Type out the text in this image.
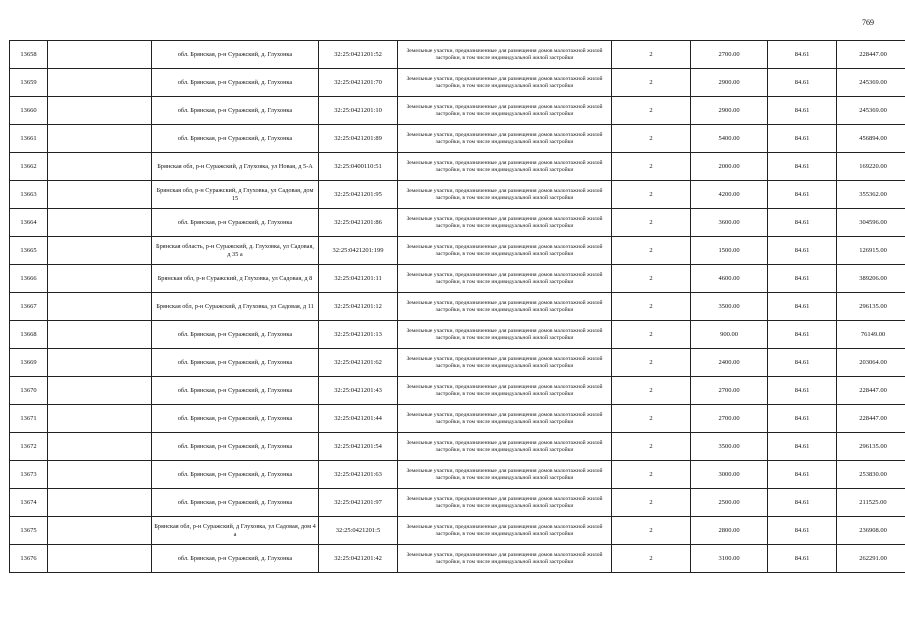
769
13658		обл. Брянская, р-н Суражский, д. Глухонка	32:25:0421201:52	Земельные участки, предназначенные для размещения домов малоэтажной жилой застройки, в том числе индивидуальной жилой застройки	2	2700.00	84.61	228447.00
13659		обл. Брянская, р-н Суражский, д. Глухонка	32:25:0421201:70	Земельные участки, предназначенные для размещения домов малоэтажной жилой застройки, в том числе индивидуальной жилой застройки	2	2900.00	84.61	245369.00
13660		обл. Брянская, р-н Суражский, д. Глухонка	32:25:0421201:10	Земельные участки, предназначенные для размещения домов малоэтажной жилой застройки, в том числе индивидуальной жилой застройки	2	2900.00	84.61	245369.00
13661		обл. Брянская, р-н Суражский, д. Глухонка	32:25:0421201:89	Земельные участки, предназначенные для размещения домов малоэтажной жилой застройки, в том числе индивидуальной жилой застройки	2	5400.00	84.61	456894.00
13662		Брянская обл, р-н Суражский, д Глуховка, ул Новая, д 5-А	32:25:0400110:51	Земельные участки, предназначенные для размещения домов малоэтажной жилой застройки, в том числе индивидуальной жилой застройки	2	2000.00	84.61	169220.00
13663		Брянская обл, р-н Суражский, д Глуховка, ул Садовая, дом 15	32:25:0421201:95	Земельные участки, предназначенные для размещения домов малоэтажной жилой застройки, в том числе индивидуальной жилой застройки	2	4200.00	84.61	355362.00
13664		обл. Брянская, р-н Суражский, д. Глухонка	32:25:0421201:86	Земельные участки, предназначенные для размещения домов малоэтажной жилой застройки, в том числе индивидуальной жилой застройки	2	3600.00	84.61	304596.00
13665		Брянская область, р-н Суражский, д. Глуховка, ул Садовая, д 35 а	32:25:0421201:199	Земельные участки, предназначенные для размещения домов малоэтажной жилой застройки, в том числе индивидуальной жилой застройки	2	1500.00	84.61	126915.00
13666		Брянская обл, р-н Суражский, д Глуховка, ул Садовая, д 8	32:25:0421201:11	Земельные участки, предназначенные для размещения домов малоэтажной жилой застройки, в том числе индивидуальной жилой застройки	2	4600.00	84.61	389206.00
13667		Брянская обл, р-н Суражский, д Глуховка, ул Садовая, д 11	32:25:0421201:12	Земельные участки, предназначенные для размещения домов малоэтажной жилой застройки, в том числе индивидуальной жилой застройки	2	3500.00	84.61	296135.00
13668		обл. Брянская, р-н Суражский, д. Глухонка	32:25:0421201:13	Земельные участки, предназначенные для размещения домов малоэтажной жилой застройки, в том числе индивидуальной жилой застройки	2	900.00	84.61	76149.00
13669		обл. Брянская, р-н Суражский, д. Глухонка	32:25:0421201:62	Земельные участки, предназначенные для размещения домов малоэтажной жилой застройки, в том числе индивидуальной жилой застройки	2	2400.00	84.61	203064.00
13670		обл. Брянская, р-н Суражский, д. Глухонка	32:25:0421201:43	Земельные участки, предназначенные для размещения домов малоэтажной жилой застройки, в том числе индивидуальной жилой застройки	2	2700.00	84.61	228447.00
13671		обл. Брянская, р-н Суражский, д. Глухонка	32:25:0421201:44	Земельные участки, предназначенные для размещения домов малоэтажной жилой застройки, в том числе индивидуальной жилой застройки	2	2700.00	84.61	228447.00
13672		обл. Брянская, р-н Суражский, д. Глухонка	32:25:0421201:54	Земельные участки, предназначенные для размещения домов малоэтажной жилой застройки, в том числе индивидуальной жилой застройки	2	3500.00	84.61	296135.00
13673		обл. Брянская, р-н Суражский, д. Глухонка	32:25:0421201:63	Земельные участки, предназначенные для размещения домов малоэтажной жилой застройки, в том числе индивидуальной жилой застройки	2	3000.00	84.61	253830.00
13674		обл. Брянская, р-н Суражский, д. Глухонка	32:25:0421201:97	Земельные участки, предназначенные для размещения домов малоэтажной жилой застройки, в том числе индивидуальной жилой застройки	2	2500.00	84.61	211525.00
13675		Брянская обл, р-н Суражский, д Глуховка, ул Садовая, дом 4 а	32:25:0421201:5	Земельные участки, предназначенные для размещения домов малоэтажной жилой застройки, в том числе индивидуальной жилой застройки	2	2800.00	84.61	236908.00
13676		обл. Брянская, р-н Суражский, д. Глухонка	32:25:0421201:42	Земельные участки, предназначенные для размещения домов малоэтажной жилой застройки, в том числе индивидуальной жилой застройки	2	3100.00	84.61	262291.00
